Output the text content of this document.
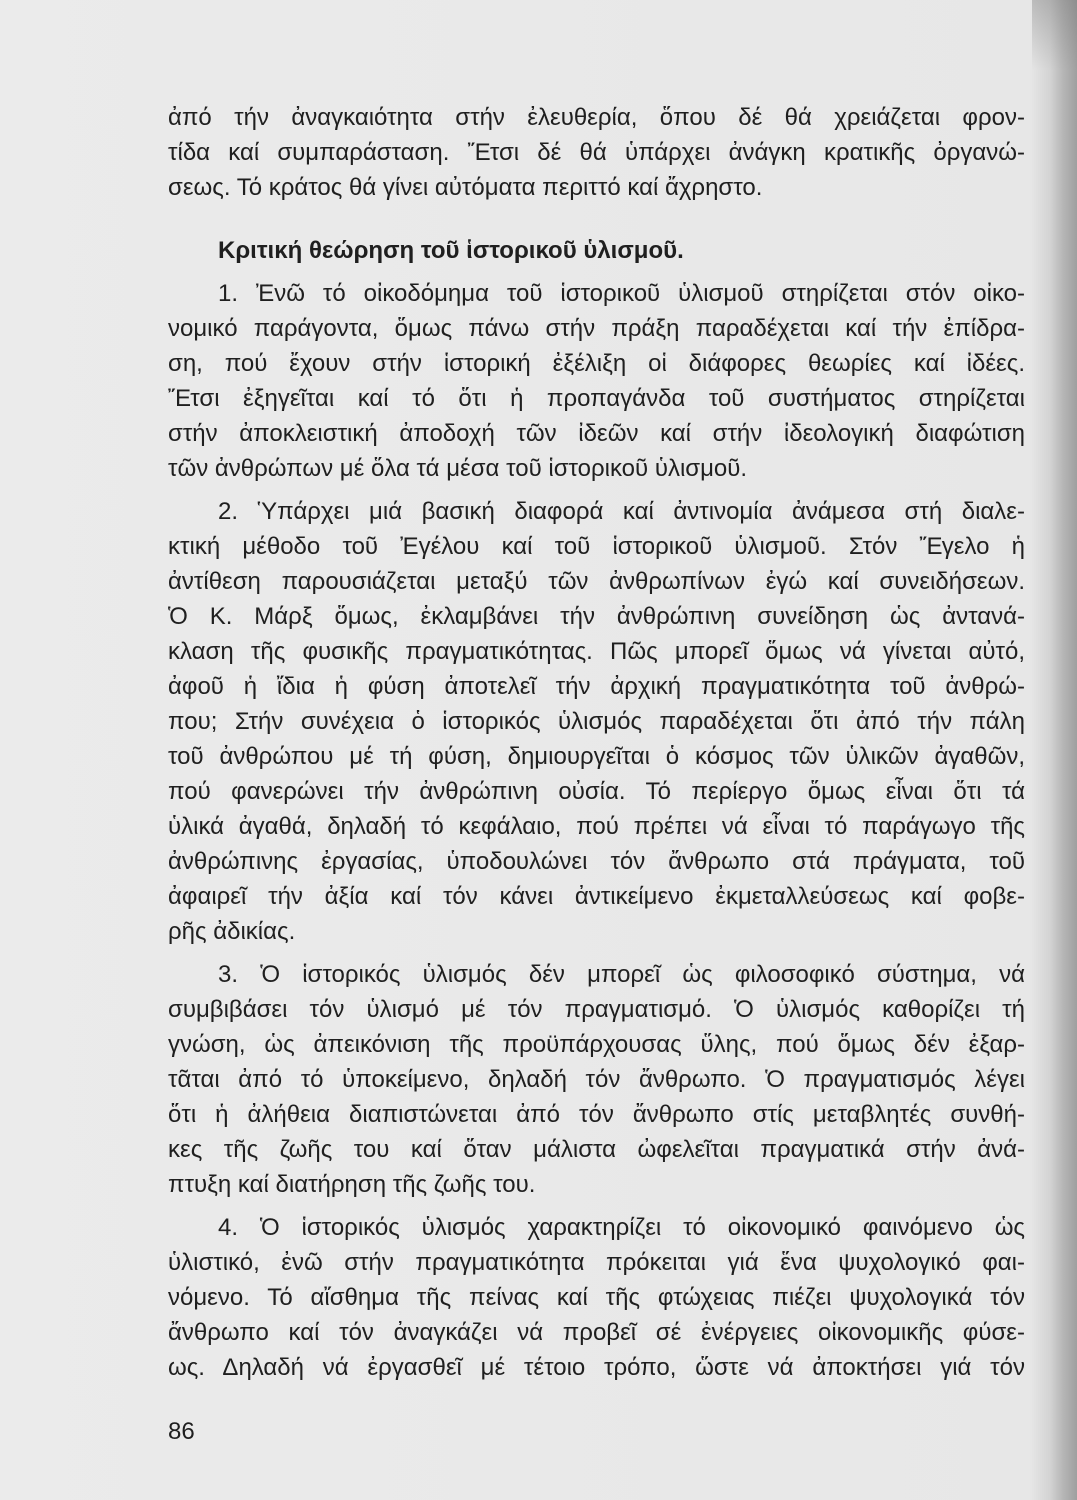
ἀπό τήν ἀναγκαιότητα στήν ἐλευθερία, ὅπου δέ θά χρειάζεται φρον-
τίδα καί συμπαράσταση. Ἔτσι δέ θά ὑπάρχει ἀνάγκη κρατικῆς ὀργανώ-
σεως. Τό κράτος θά γίνει αὐτόματα περιττό καί ἄχρηστο.
Κριτική θεώρηση τοῦ ἱστορικοῦ ὑλισμοῦ.
1. Ἐνῶ τό οἰκοδόμημα τοῦ ἱστορικοῦ ὑλισμοῦ στηρίζεται στόν οἰκο-
νομικό παράγοντα, ὅμως πάνω στήν πράξη παραδέχεται καί τήν ἐπίδρα-
ση, πού ἔχουν στήν ἱστορική ἐξέλιξη οἱ διάφορες θεωρίες καί ἰδέες.
Ἔτσι ἐξηγεῖται καί τό ὅτι ἡ προπαγάνδα τοῦ συστήματος στηρίζεται
στήν ἀποκλειστική ἀποδοχή τῶν ἰδεῶν καί στήν ἰδεολογική διαφώτιση
τῶν ἀνθρώπων μέ ὅλα τά μέσα τοῦ ἱστορικοῦ ὑλισμοῦ.
2. Ὑπάρχει μιά βασική διαφορά καί ἀντινομία ἀνάμεσα στή διαλε-
κτική μέθοδο τοῦ Ἐγέλου καί τοῦ ἱστορικοῦ ὑλισμοῦ. Στόν Ἔγελο ἡ
ἀντίθεση παρουσιάζεται μεταξύ τῶν ἀνθρωπίνων ἐγώ καί συνειδήσεων.
Ὁ Κ. Μάρξ ὅμως, ἐκλαμβάνει τήν ἀνθρώπινη συνείδηση ὡς ἀντανά-
κλαση τῆς φυσικῆς πραγματικότητας. Πῶς μπορεῖ ὅμως νά γίνεται αὐτό,
ἀφοῦ ἡ ἴδια ἡ φύση ἀποτελεῖ τήν ἀρχική πραγματικότητα τοῦ ἀνθρώ-
που; Στήν συνέχεια ὁ ἱστορικός ὑλισμός παραδέχεται ὅτι ἀπό τήν πάλη
τοῦ ἀνθρώπου μέ τή φύση, δημιουργεῖται ὁ κόσμος τῶν ὑλικῶν ἀγαθῶν,
πού φανερώνει τήν ἀνθρώπινη οὐσία. Τό περίεργο ὅμως εἶναι ὅτι τά
ὑλικά ἀγαθά, δηλαδή τό κεφάλαιο, πού πρέπει νά εἶναι τό παράγωγο τῆς
ἀνθρώπινης ἐργασίας, ὑποδουλώνει τόν ἄνθρωπο στά πράγματα, τοῦ
ἀφαιρεῖ τήν ἀξία καί τόν κάνει ἀντικείμενο ἐκμεταλλεύσεως καί φοβε-
ρῆς ἀδικίας.
3. Ὁ ἱστορικός ὑλισμός δέν μπορεῖ ὡς φιλοσοφικό σύστημα, νά
συμβιβάσει τόν ὑλισμό μέ τόν πραγματισμό. Ὁ ὑλισμός καθορίζει τή
γνώση, ὡς ἀπεικόνιση τῆς προϋπάρχουσας ὕλης, πού ὅμως δέν ἐξαρ-
τᾶται ἀπό τό ὑποκείμενο, δηλαδή τόν ἄνθρωπο. Ὁ πραγματισμός λέγει
ὅτι ἡ ἀλήθεια διαπιστώνεται ἀπό τόν ἄνθρωπο στίς μεταβλητές συνθή-
κες τῆς ζωῆς του καί ὅταν μάλιστα ὠφελεῖται πραγματικά στήν ἀνά-
πτυξη καί διατήρηση τῆς ζωῆς του.
4. Ὁ ἱστορικός ὑλισμός χαρακτηρίζει τό οἰκονομικό φαινόμενο ὡς
ὑλιστικό, ἐνῶ στήν πραγματικότητα πρόκειται γιά ἕνα ψυχολογικό φαι-
νόμενο. Τό αἴσθημα τῆς πείνας καί τῆς φτώχειας πιέζει ψυχολογικά τόν
ἄνθρωπο καί τόν ἀναγκάζει νά προβεῖ σέ ἐνέργειες οἰκονομικῆς φύσε-
ως. Δηλαδή νά ἐργασθεῖ μέ τέτοιο τρόπο, ὥστε νά ἀποκτήσει γιά τόν
86
